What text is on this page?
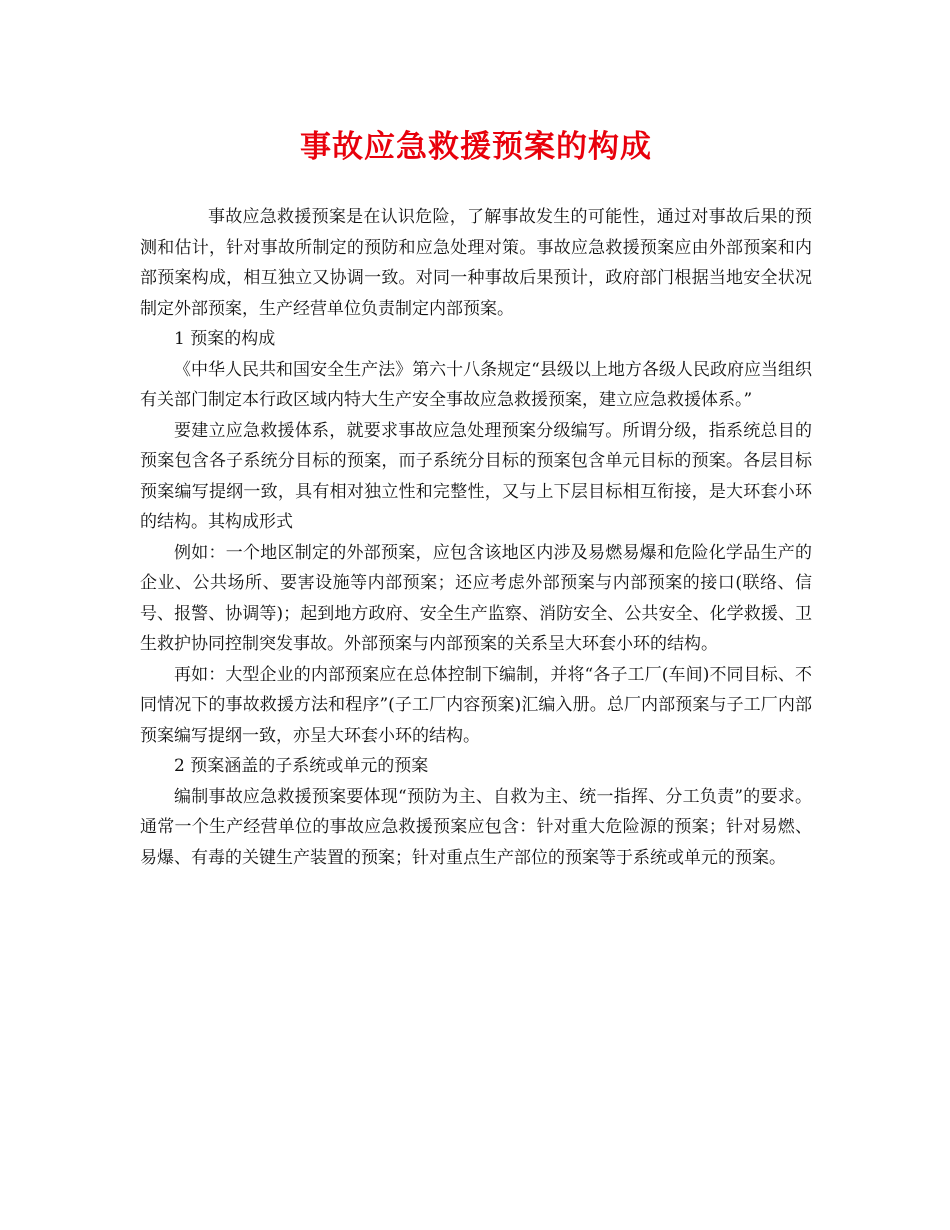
事故应急救援预案的构成

事故应急救援预案是在认识危险，了解事故发生的可能性，通过对事故后果的预测和估计，针对事故所制定的预防和应急处理对策。事故应急救援预案应由外部预案和内部预案构成，相互独立又协调一致。对同一种事故后果预计，政府部门根据当地安全状况制定外部预案，生产经营单位负责制定内部预案。

1 预案的构成

《中华人民共和国安全生产法》第六十八条规定“县级以上地方各级人民政府应当组织有关部门制定本行政区域内特大生产安全事故应急救援预案，建立应急救援体系。”

要建立应急救援体系，就要求事故应急处理预案分级编写。所谓分级，指系统总目的预案包含各子系统分目标的预案，而子系统分目标的预案包含单元目标的预案。各层目标预案编写提纲一致，具有相对独立性和完整性，又与上下层目标相互衔接，是大环套小环的结构。其构成形式

例如：一个地区制定的外部预案，应包含该地区内涉及易燃易爆和危险化学品生产的企业、公共场所、要害设施等内部预案；还应考虑外部预案与内部预案的接口(联络、信号、报警、协调等)；起到地方政府、安全生产监察、消防安全、公共安全、化学救援、卫生救护协同控制突发事故。外部预案与内部预案的关系呈大环套小环的结构。

再如：大型企业的内部预案应在总体控制下编制，并将“各子工厂(车间)不同目标、不同情况下的事故救援方法和程序”(子工厂内容预案)汇编入册。总厂内部预案与子工厂内部预案编写提纲一致，亦呈大环套小环的结构。

2 预案涵盖的子系统或单元的预案

编制事故应急救援预案要体现“预防为主、自救为主、统一指挥、分工负责”的要求。通常一个生产经营单位的事故应急救援预案应包含：针对重大危险源的预案；针对易燃、易爆、有毒的关键生产装置的预案；针对重点生产部位的预案等于系统或单元的预案。
